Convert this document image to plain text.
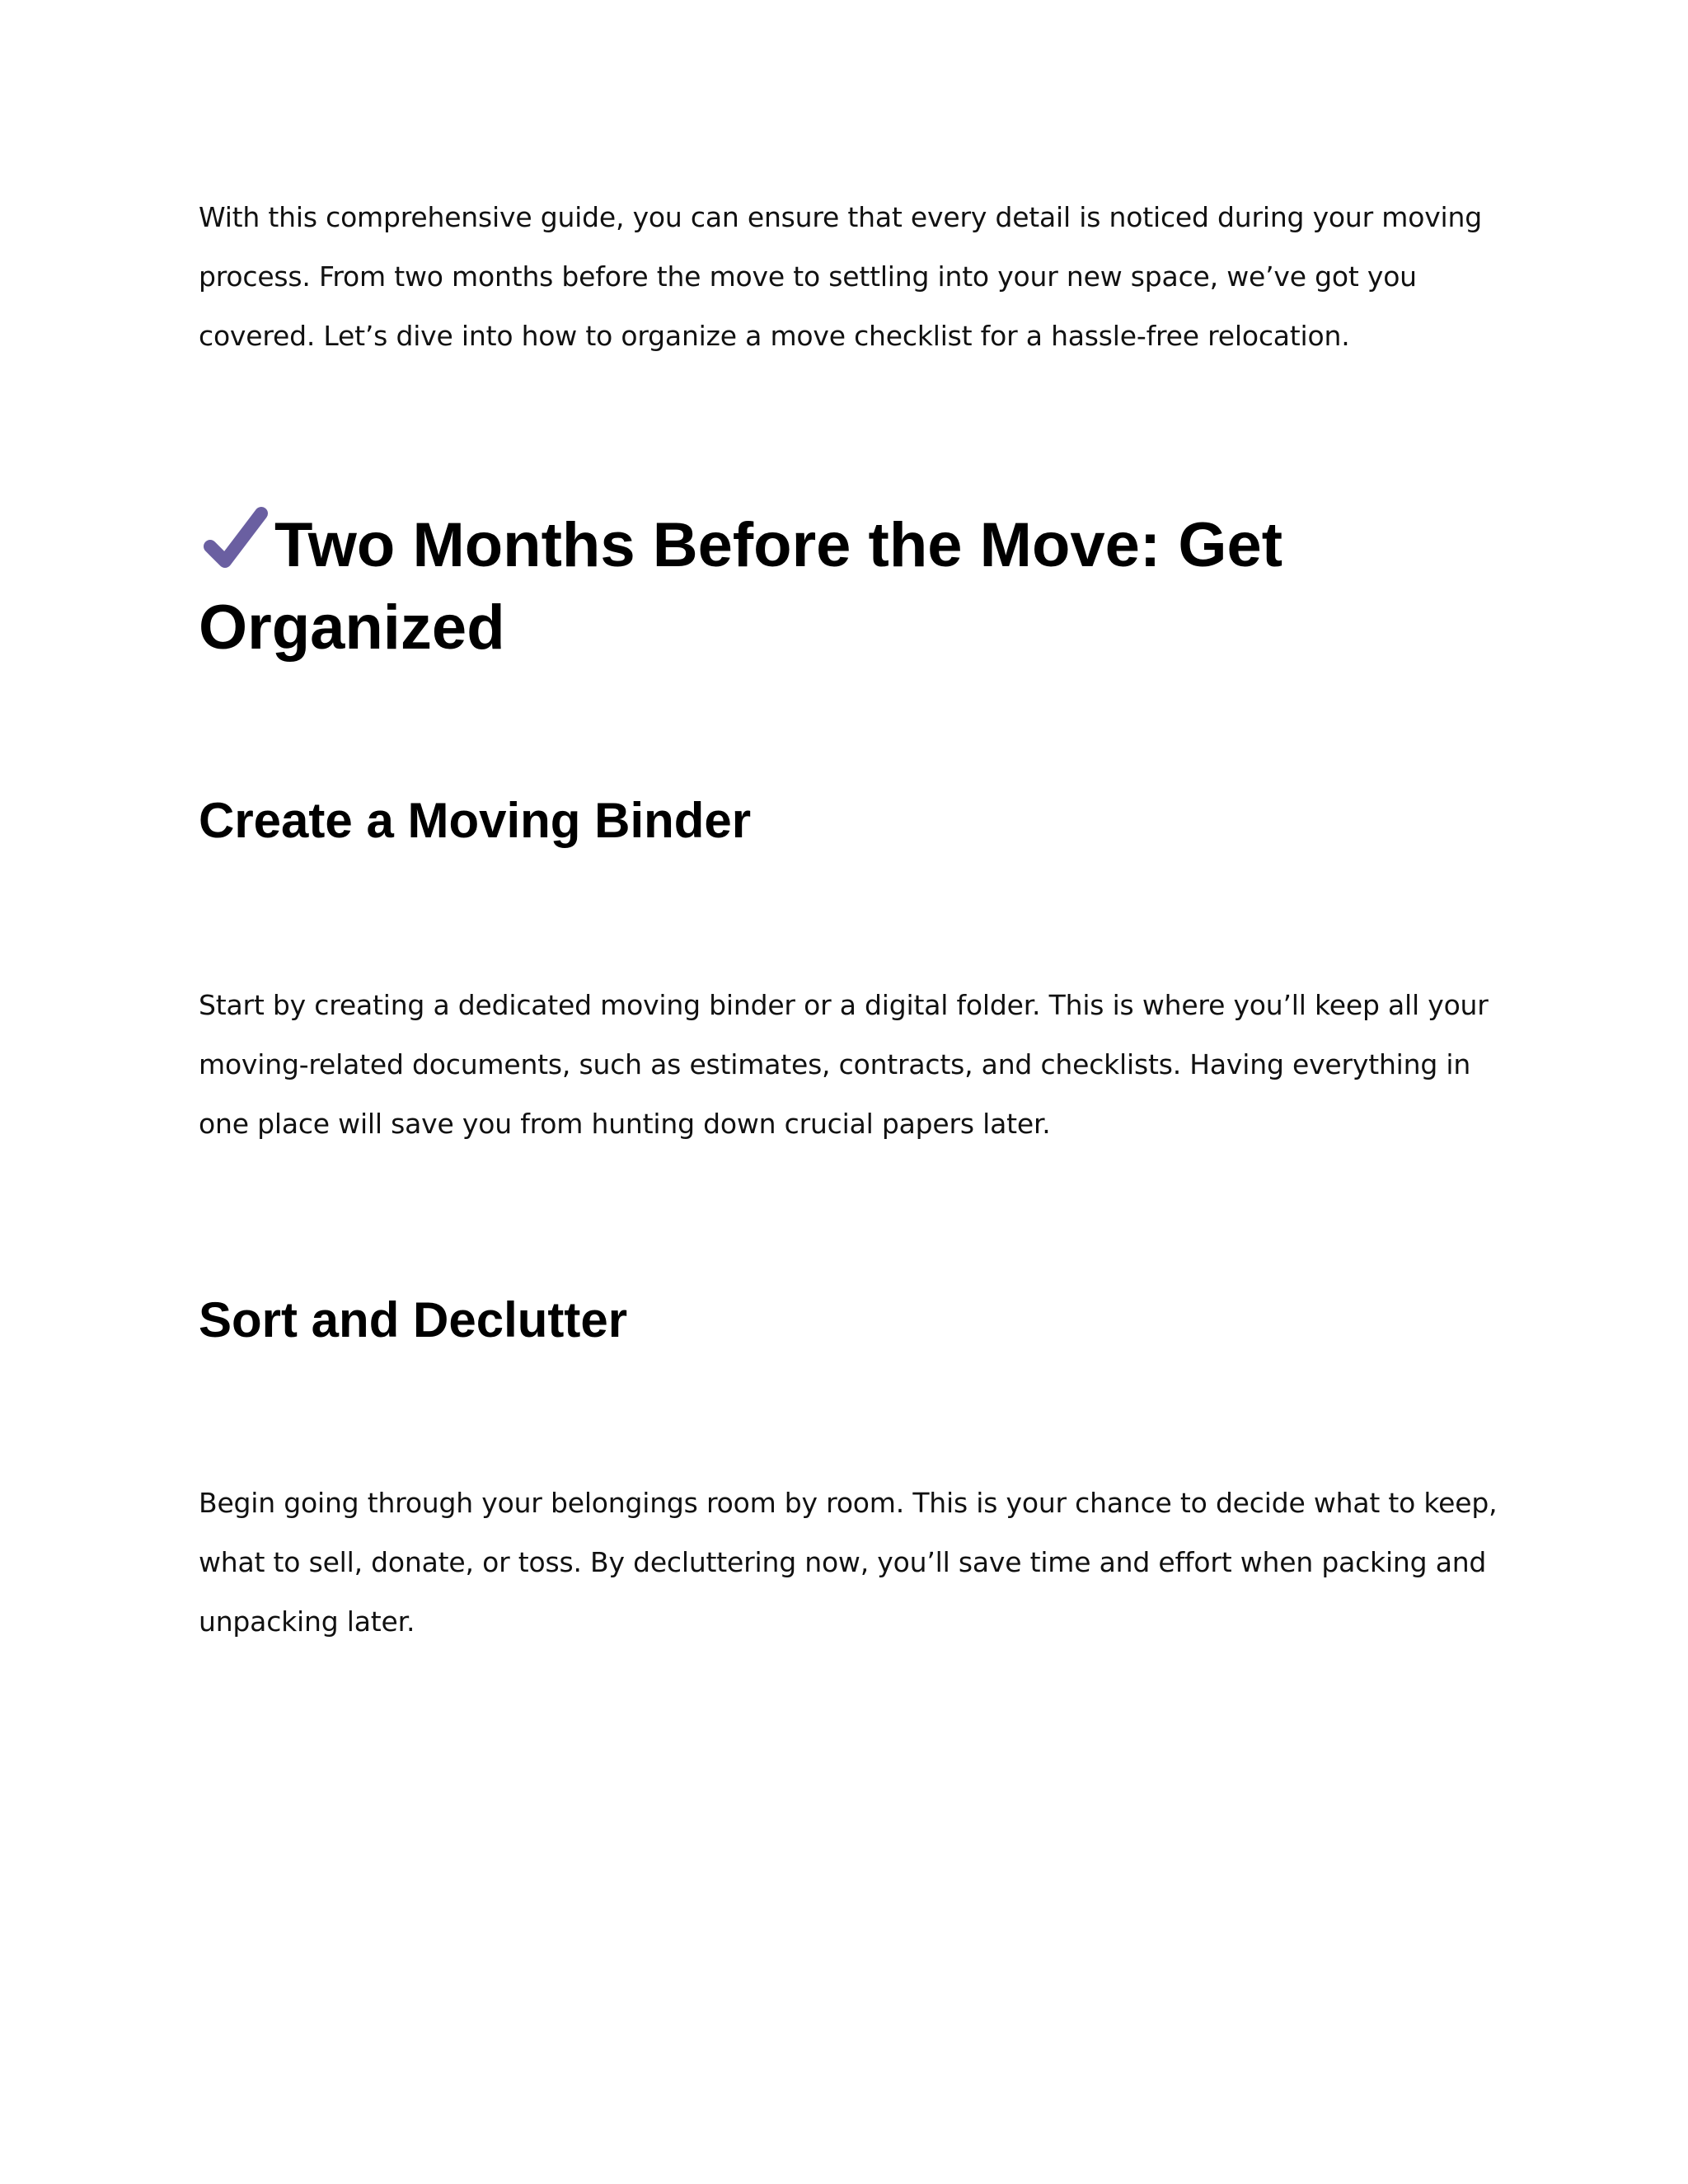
With this comprehensive guide, you can ensure that every detail is noticed during your moving process. From two months before the move to settling into your new space, we’ve got you covered. Let’s dive into how to organize a move checklist for a hassle-free relocation.

Two Months Before the Move: Get Organized
Create a Moving Binder

Start by creating a dedicated moving binder or a digital folder. This is where you’ll keep all your moving-related documents, such as estimates, contracts, and checklists. Having everything in one place will save you from hunting down crucial papers later.

Sort and Declutter

Begin going through your belongings room by room. This is your chance to decide what to keep, what to sell, donate, or toss. By decluttering now, you’ll save time and effort when packing and unpacking later.
